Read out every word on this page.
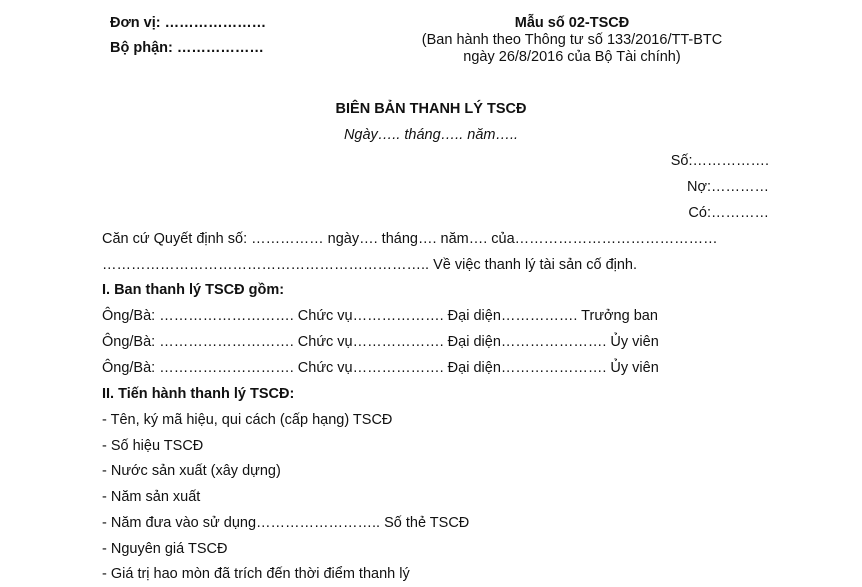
Đơn vị: …………………
Bộ phận: ………………
Mẫu số 02-TSCĐ
(Ban hành theo Thông tư số 133/2016/TT-BTC
ngày 26/8/2016 của Bộ Tài chính)
BIÊN BẢN THANH LÝ TSCĐ
Ngày….. tháng….. năm…..
Số:…………….
Nợ:…………
Có:…………
Căn cứ Quyết định số: …………… ngày…. tháng…. năm…. của……………………………………
………………………………………………………….. Về việc thanh lý tài sản cố định.
I. Ban thanh lý TSCĐ gồm:
Ông/Bà: ………………………. Chức vụ………………. Đại diện……………. Trưởng ban
Ông/Bà: ………………………. Chức vụ………………. Đại diện…………………. Ủy viên
Ông/Bà: ………………………. Chức vụ………………. Đại diện…………………. Ủy viên
II. Tiến hành thanh lý TSCĐ:
- Tên, ký mã hiệu, qui cách (cấp hạng) TSCĐ
- Số hiệu TSCĐ
- Nước sản xuất (xây dựng)
- Năm sản xuất
- Năm đưa vào sử dụng…………………….. Số thẻ TSCĐ
- Nguyên giá TSCĐ
- Giá trị hao mòn đã trích đến thời điểm thanh lý
